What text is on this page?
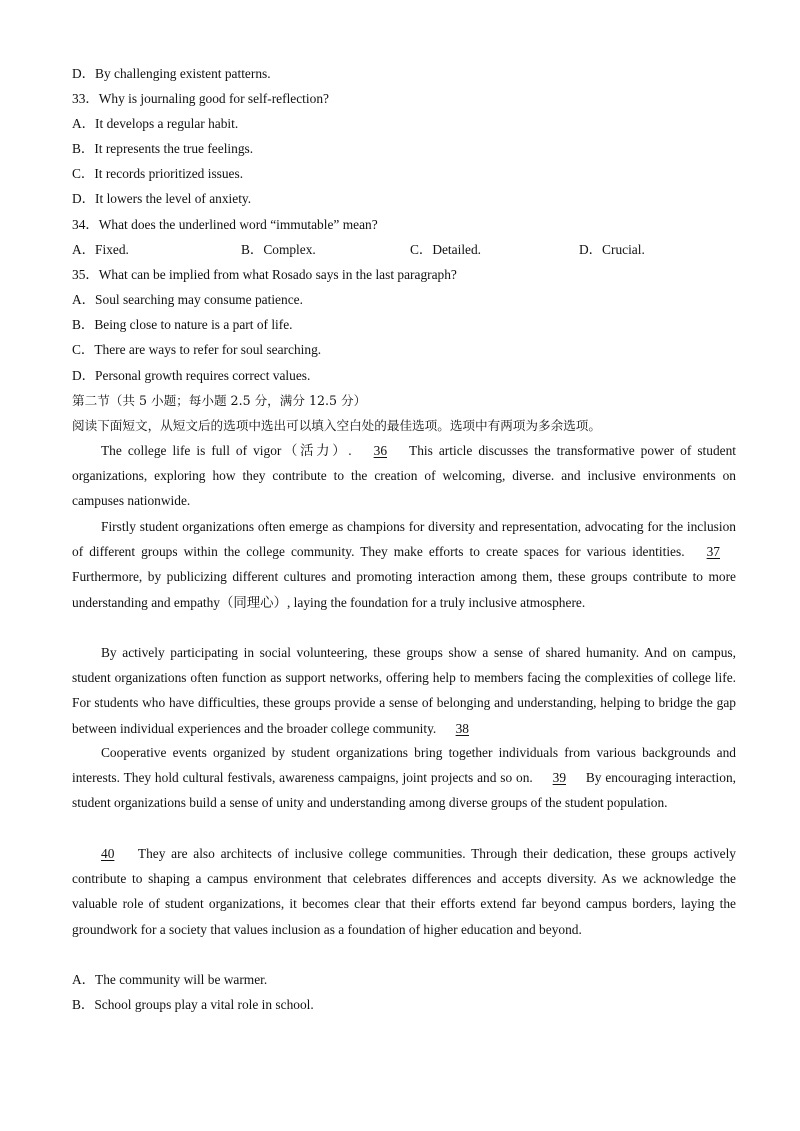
D．By challenging existent patterns.
33．Why is journaling good for self-reflection?
A．It develops a regular habit.
B．It represents the true feelings.
C．It records prioritized issues.
D．It lowers the level of anxiety.
34．What does the underlined word “immutable” mean?
A．Fixed.	B．Complex.	C．Detailed.	D．Crucial.
35．What can be implied from what Rosado says in the last paragraph?
A．Soul searching may consume patience.
B．Being close to nature is a part of life.
C．There are ways to refer for soul searching.
D．Personal growth requires correct values.
第二节（共 5 小题；每小题 2.5 分，满分 12.5 分）
阅读下面短文，从短文后的选项中选出可以填入空白处的最佳选项。选项中有两项为多余选项。
The college life is full of vigor（活力）. 36 This article discusses the transformative power of student organizations, exploring how they contribute to the creation of welcoming, diverse. and inclusive environments on campuses nationwide.
Firstly student organizations often emerge as champions for diversity and representation, advocating for the inclusion of different groups within the college community. They make efforts to create spaces for various identities. 37 Furthermore, by publicizing different cultures and promoting interaction among them, these groups contribute to more understanding and empathy（同理心）, laying the foundation for a truly inclusive atmosphere.
By actively participating in social volunteering, these groups show a sense of shared humanity. And on campus, student organizations often function as support networks, offering help to members facing the complexities of college life. For students who have difficulties, these groups provide a sense of belonging and understanding, helping to bridge the gap between individual experiences and the broader college community. 38
Cooperative events organized by student organizations bring together individuals from various backgrounds and interests. They hold cultural festivals, awareness campaigns, joint projects and so on. 39 By encouraging interaction, student organizations build a sense of unity and understanding among diverse groups of the student population.
40 They are also architects of inclusive college communities. Through their dedication, these groups actively contribute to shaping a campus environment that celebrates differences and accepts diversity. As we acknowledge the valuable role of student organizations, it becomes clear that their efforts extend far beyond campus borders, laying the groundwork for a society that values inclusion as a foundation of higher education and beyond.
A．The community will be warmer.
B．School groups play a vital role in school.
